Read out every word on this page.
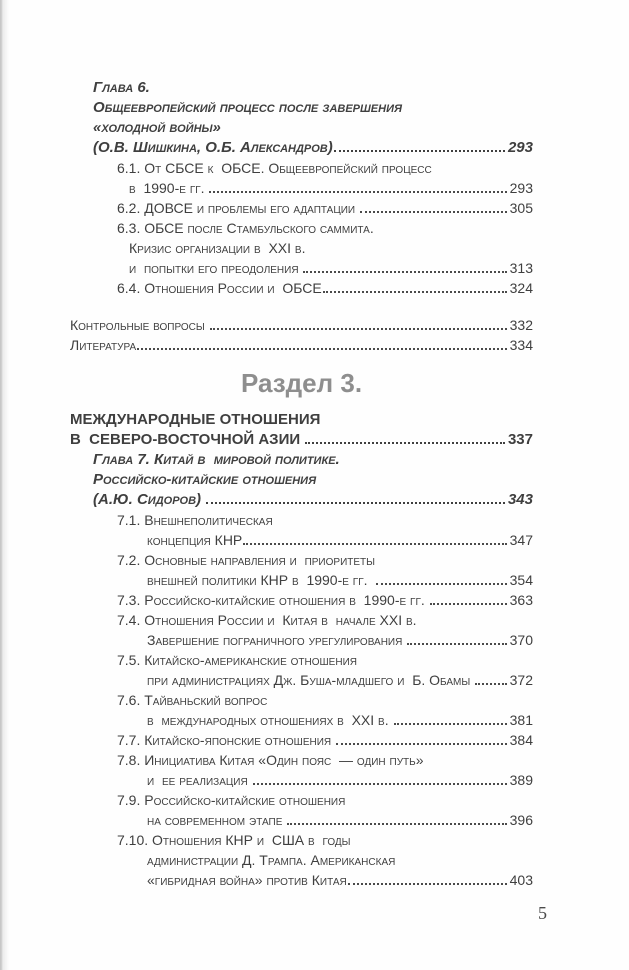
Глава 6.
Общеевропейский процесс после завершения
«холодной войны»
(О.В. Шишкина, О.Б. Александров)	293
6.1. От СБСЕ к  ОБСЕ. Общеевропейский процесс
в  1990-е гг.	293
6.2. ДОВСЕ и проблемы его адаптации	305
6.3. ОБСЕ после Стамбульского саммита.
Кризис организации в  XXI в.
и  попытки его преодоления	313
6.4. Отношения России и  ОБСЕ	324
Контрольные вопросы	332
Литература	334
Раздел 3.
МЕЖДУНАРОДНЫЕ ОТНОШЕНИЯ
В  СЕВЕРО-ВОСТОЧНОЙ АЗИИ	337
Глава 7. Китай в  мировой политике.
Российско-китайские отношения
(А.Ю. Сидоров)	343
7.1. Внешнеполитическая
концепция КНР	347
7.2. Основные направления и  приоритеты
внешней политики КНР в  1990-е гг.	354
7.3. Российско-китайские отношения в  1990-е гг.	363
7.4. Отношения России и  Китая в  начале XXI в.
Завершение пограничного урегулирования	370
7.5. Китайско-американские отношения
при администрациях Дж. Буша-младшего и  Б. Обамы	372
7.6. Тайваньский вопрос
в  международных отношениях в  XXI в.	381
7.7. Китайско-японские отношения	384
7.8. Инициатива Китая «Один пояс  — один путь»
и  ее реализация	389
7.9. Российско-китайские отношения
на современном этапе	396
7.10. Отношения КНР и  США в  годы
администрации Д. Трампа. Американская
«гибридная война» против Китая	403
5
